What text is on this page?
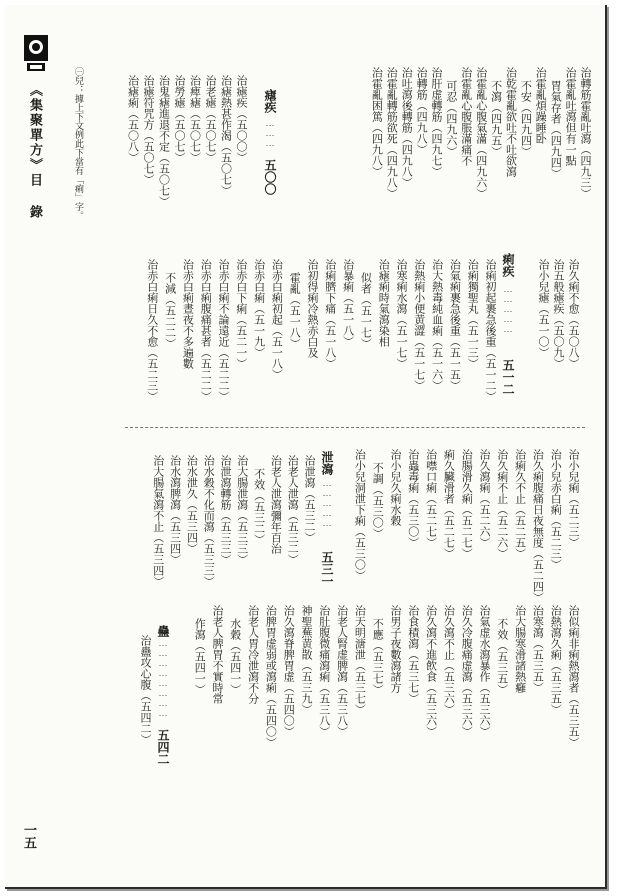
《集聚單方》目 錄	㊀兒：據上下文例此下當有「痢」字。
一五
治轉筋霍亂吐瀉（四九三）
治霍亂吐瀉但有一點
胃氣存者（四九四）
治霍亂煩躁睡卧
不安（四九四）
治乾霍亂欲吐不吐欲瀉
不瀉（四九五）
治霍亂心腹氣滿（四九六）
治霍亂心腹脹滿痛不
可忍（四九六）
治肝虚轉筋（四九七）
治轉筋（四九八）
治吐瀉後轉筋（四九八）
治霍亂轉筋欲死（四九八）
治霍亂困篤（四九八）
瘧疾
⋯⋯⋯
五〇〇
治瘧疾（五〇〇）
治瘧熱甚作渴（五〇七）
治老瘧（五〇七）
治痺瘧（五〇七）
治勞瘧（五〇七）
治鬼瘧進退不定（五〇七）
治瘧符咒方（五〇七）
治瘧痢（五〇八）
痢疾
⋯⋯⋯⋯⋯
五一二
治久痢不愈（五〇八）
治五般瘧疾（五〇九）
治小兒瘧（五一〇）
治痢初起裹急後重（五一二）
治痢獨聖丸（五一三）
治氣痢裹急後重（五一五）
治大熱毒純血痢（五一六）
治熱痢小便黄澀（五一七）
治寒痢水瀉（五一七）
治瘧痢時氣瀉染相
似者（五一七）
治暴痢（五一八）
治痢臍下痛（五一八）
治初得痢冷熱赤白及
霍亂（五一八）
治赤白痢初起（五一八）
治赤白痢（五一九）
治赤白下痢（五二一）
治赤白痢不論遠近（五二二）
治赤白痢腹痛甚者（五二二）
治赤白痢晝夜不多遍數
不減（五二二）
治赤白痢日久不愈（五二三）
治小兒痢（五二三）
治小兒赤白痢（五二三）
治久痢腹痛日夜無度（五二四）
治痢久不止（五二五）
治久痢不止（五二六）
治久瀉痢（五二六）
治腸滑久痢（五二七）
痢久臟滑者（五二七）
治噤口痢（五二七）
治蟲毒痢（五三〇）
治小兒久痢水穀
不調（五三〇）
治小兒洞泄下痢（五三〇）
泄瀉
⋯⋯⋯⋯⋯
五三一
治泄瀉（五三二）
治老人泄瀉（五三二）
治老人泄瀉彌年百治
不效（五三二）
治大腸泄瀉（五三三）
治泄瀉轉筋（五三三）
治水穀不化而瀉（五三三）
治水泄久（五三四）
治水瀉脾瀉（五三四）
治大腸氣瀉不止（五三四）
治似痢非痢熱瀉者（五三五）
治熱瀉久痢（五三五）
治寒瀉（五三五）
治大腸寒滑諸熱癰
不效（五三五）
治氣虚水瀉暴作（五三六）
治久冷腹痛虚瀉（五三六）
治久瀉不止（五三六）
治久瀉不進飲食（五三六）
治食積瀉（五三七）
治男子夜數瀉諸方
不應（五三七）
治天明溏泄（五三七）
治老人腎虚脾瀉（五三八）
治肚腹微痛瀉痢（五三八）
神聖蕪黄散（五三九）
治久瀉脊脾胃虚（五四〇）
治脾胃虚弱或瀉痢（五四〇）
治老人胃冷泄瀉不分
水穀（五四一）
治老人脾胃不實時常
作瀉（五四一）
蠱
⋯⋯⋯⋯⋯⋯⋯⋯
五四二
治蠱攻心腹（五四二）
